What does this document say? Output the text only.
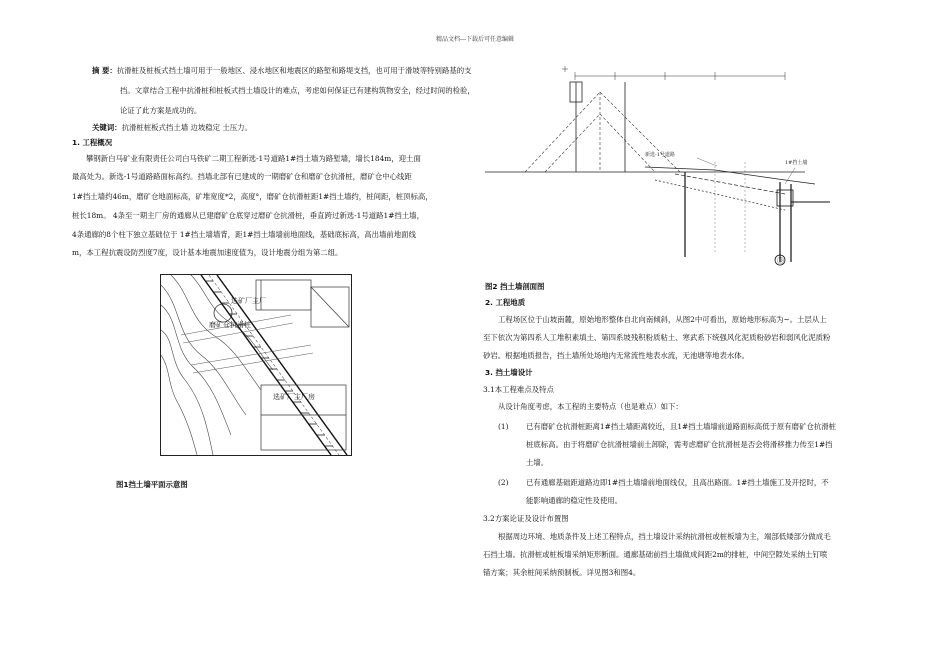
精品文档---下载后可任意编辑
摘 要：抗滑桩及桩板式挡土墙可用于一般地区、浸水地区和地震区的路堑和路堤支挡，也可用于滑坡等特别路基的支
挡。文章结合工程中抗滑桩和桩板式挡土墙设计的难点，考虑如何保证已有建构筑物安全，经过时间的检验，
论证了此方案是成功的。
关键词：抗滑桩桩板式挡土墙 边坡稳定 土压力。
1. 工程概况
攀钢新白马矿业有限责任公司白马铁矿二期工程新选-1号道路1#挡土墙为路堑墙，墙长184m，迎土面
最高处为。新选-1号道路路面标高约。挡墙北部有已建成的一期磨矿仓和磨矿仓抗滑桩，磨矿仓中心线距
1#挡土墙约46m，磨矿仓地面标高，矿堆宽度*2，高度°，磨矿仓抗滑桩距1#挡土墙约，桩间距，桩顶标高，
桩长18m。 4条至一期主厂房的通廊从已建磨矿仓底穿过磨矿仓抗滑桩，垂直跨过新选-1号道路1#挡土墙，
4条通廊的8个柱下独立基础位于 1#挡土墙墙背，距1#挡土墙墙前地面线，基础底标高，高出墙前地面线
m，本工程抗震设防烈度7度，设计基本地震加速度值为，设计地震分组为第二组。
选矿厂主厂
磨矿仓抗滑桩
选矿厂主厂房
图1挡土墙平面示意图
新选-1号道路
1#挡土墙
Ⓓ
图2 挡土墙剖面图
2. 工程地质
工程场区位于山坡南麓，原始地形整体自北向南倾斜，从图2中可看出，原始地形标高为~。土层从上
至下依次为第四系人工堆积素填土、第四系坡残积粉质粘土、寒武系下统强风化泥质粉砂岩和弱风化泥质粉
砂岩。根据地质报告，挡土墙所处场地内无常流性地表水流，无池塘等地表水体。
3. 挡土墙设计
3.1本工程难点及特点
从设计角度考虑，本工程的主要特点（也是难点）如下：
(1) 已有磨矿仓抗滑桩距离1#挡土墙距离较近，且1#挡土墙墙前道路面标高低于原有磨矿仓抗滑桩
桩底标高。由于将磨矿仓抗滑桩墙前土卸除，需考虑磨矿仓抗滑桩是否会将滑移推力传至1#挡
土墙。
(2) 已有通廊基础距道路边即1#挡土墙墙前地面线仅，且高出路面。1#挡土墙施工及开挖时，不
能影响通廊的稳定性及使用。
3.2方案论证及设计布置图
根据周边环境、地质条件及上述工程特点，挡土墙设计采纳抗滑桩或桩板墙为主，端部低矮部分做成毛
石挡土墙。抗滑桩或桩板墙采纳矩形断面。通廊基础前挡土墙做成间距2m的排桩，中间空隙处采纳土钉喷
锚方案；其余桩间采纳预制板。详见图3和图4。
